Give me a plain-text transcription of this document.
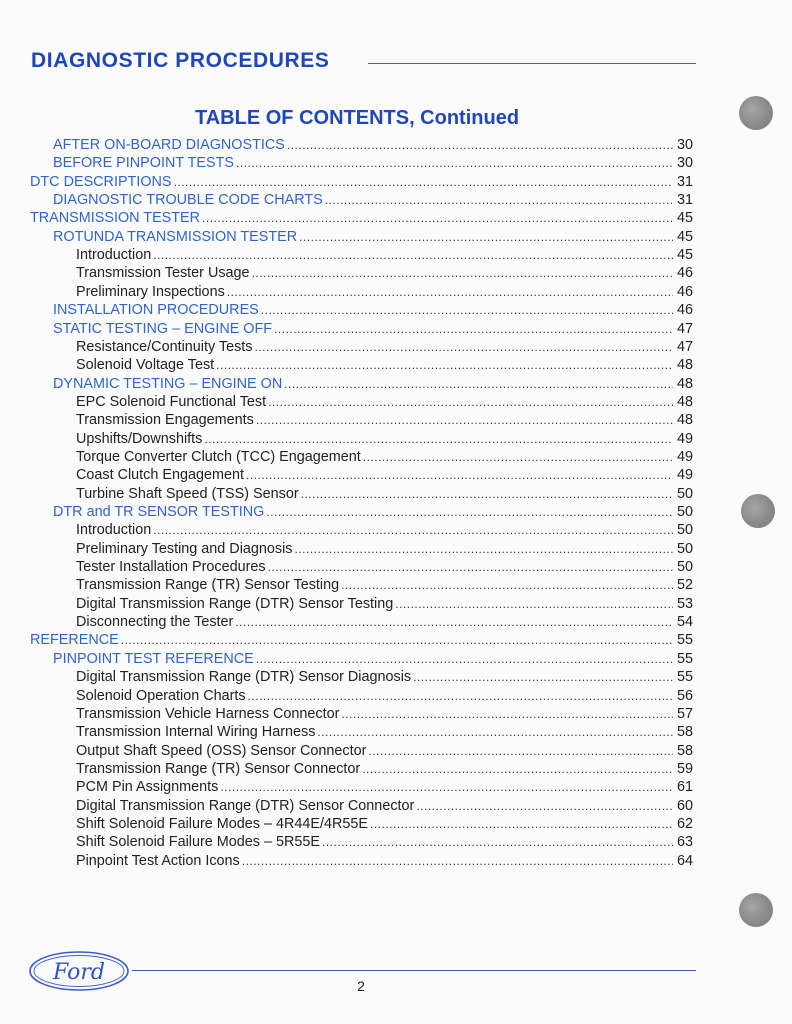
DIAGNOSTIC PROCEDURES
TABLE OF CONTENTS, Continued
AFTER ON-BOARD DIAGNOSTICS .....	30
BEFORE PINPOINT TESTS .....	30
DTC DESCRIPTIONS .....	31
DIAGNOSTIC TROUBLE CODE CHARTS .....	31
TRANSMISSION TESTER .....	45
ROTUNDA TRANSMISSION TESTER .....	45
Introduction .....	45
Transmission Tester Usage .....	46
Preliminary Inspections .....	46
INSTALLATION PROCEDURES .....	46
STATIC TESTING – ENGINE OFF .....	47
Resistance/Continuity Tests .....	47
Solenoid Voltage Test .....	48
DYNAMIC TESTING – ENGINE ON .....	48
EPC Solenoid Functional Test .....	48
Transmission Engagements .....	48
Upshifts/Downshifts .....	49
Torque Converter Clutch (TCC) Engagement .....	49
Coast Clutch Engagement .....	49
Turbine Shaft Speed (TSS) Sensor .....	50
DTR and TR SENSOR TESTING .....	50
Introduction .....	50
Preliminary Testing and Diagnosis .....	50
Tester Installation Procedures .....	50
Transmission Range (TR) Sensor Testing .....	52
Digital Transmission Range (DTR) Sensor Testing .....	53
Disconnecting the Tester .....	54
REFERENCE .....	55
PINPOINT TEST REFERENCE .....	55
Digital Transmission Range (DTR) Sensor Diagnosis .....	55
Solenoid Operation Charts .....	56
Transmission Vehicle Harness Connector .....	57
Transmission Internal Wiring Harness .....	58
Output Shaft Speed (OSS) Sensor Connector .....	58
Transmission Range (TR) Sensor Connector .....	59
PCM Pin Assignments .....	61
Digital Transmission Range (DTR) Sensor Connector .....	60
Shift Solenoid Failure Modes – 4R44E/4R55E .....	62
Shift Solenoid Failure Modes – 5R55E .....	63
Pinpoint Test Action Icons .....	64
Ford
2
